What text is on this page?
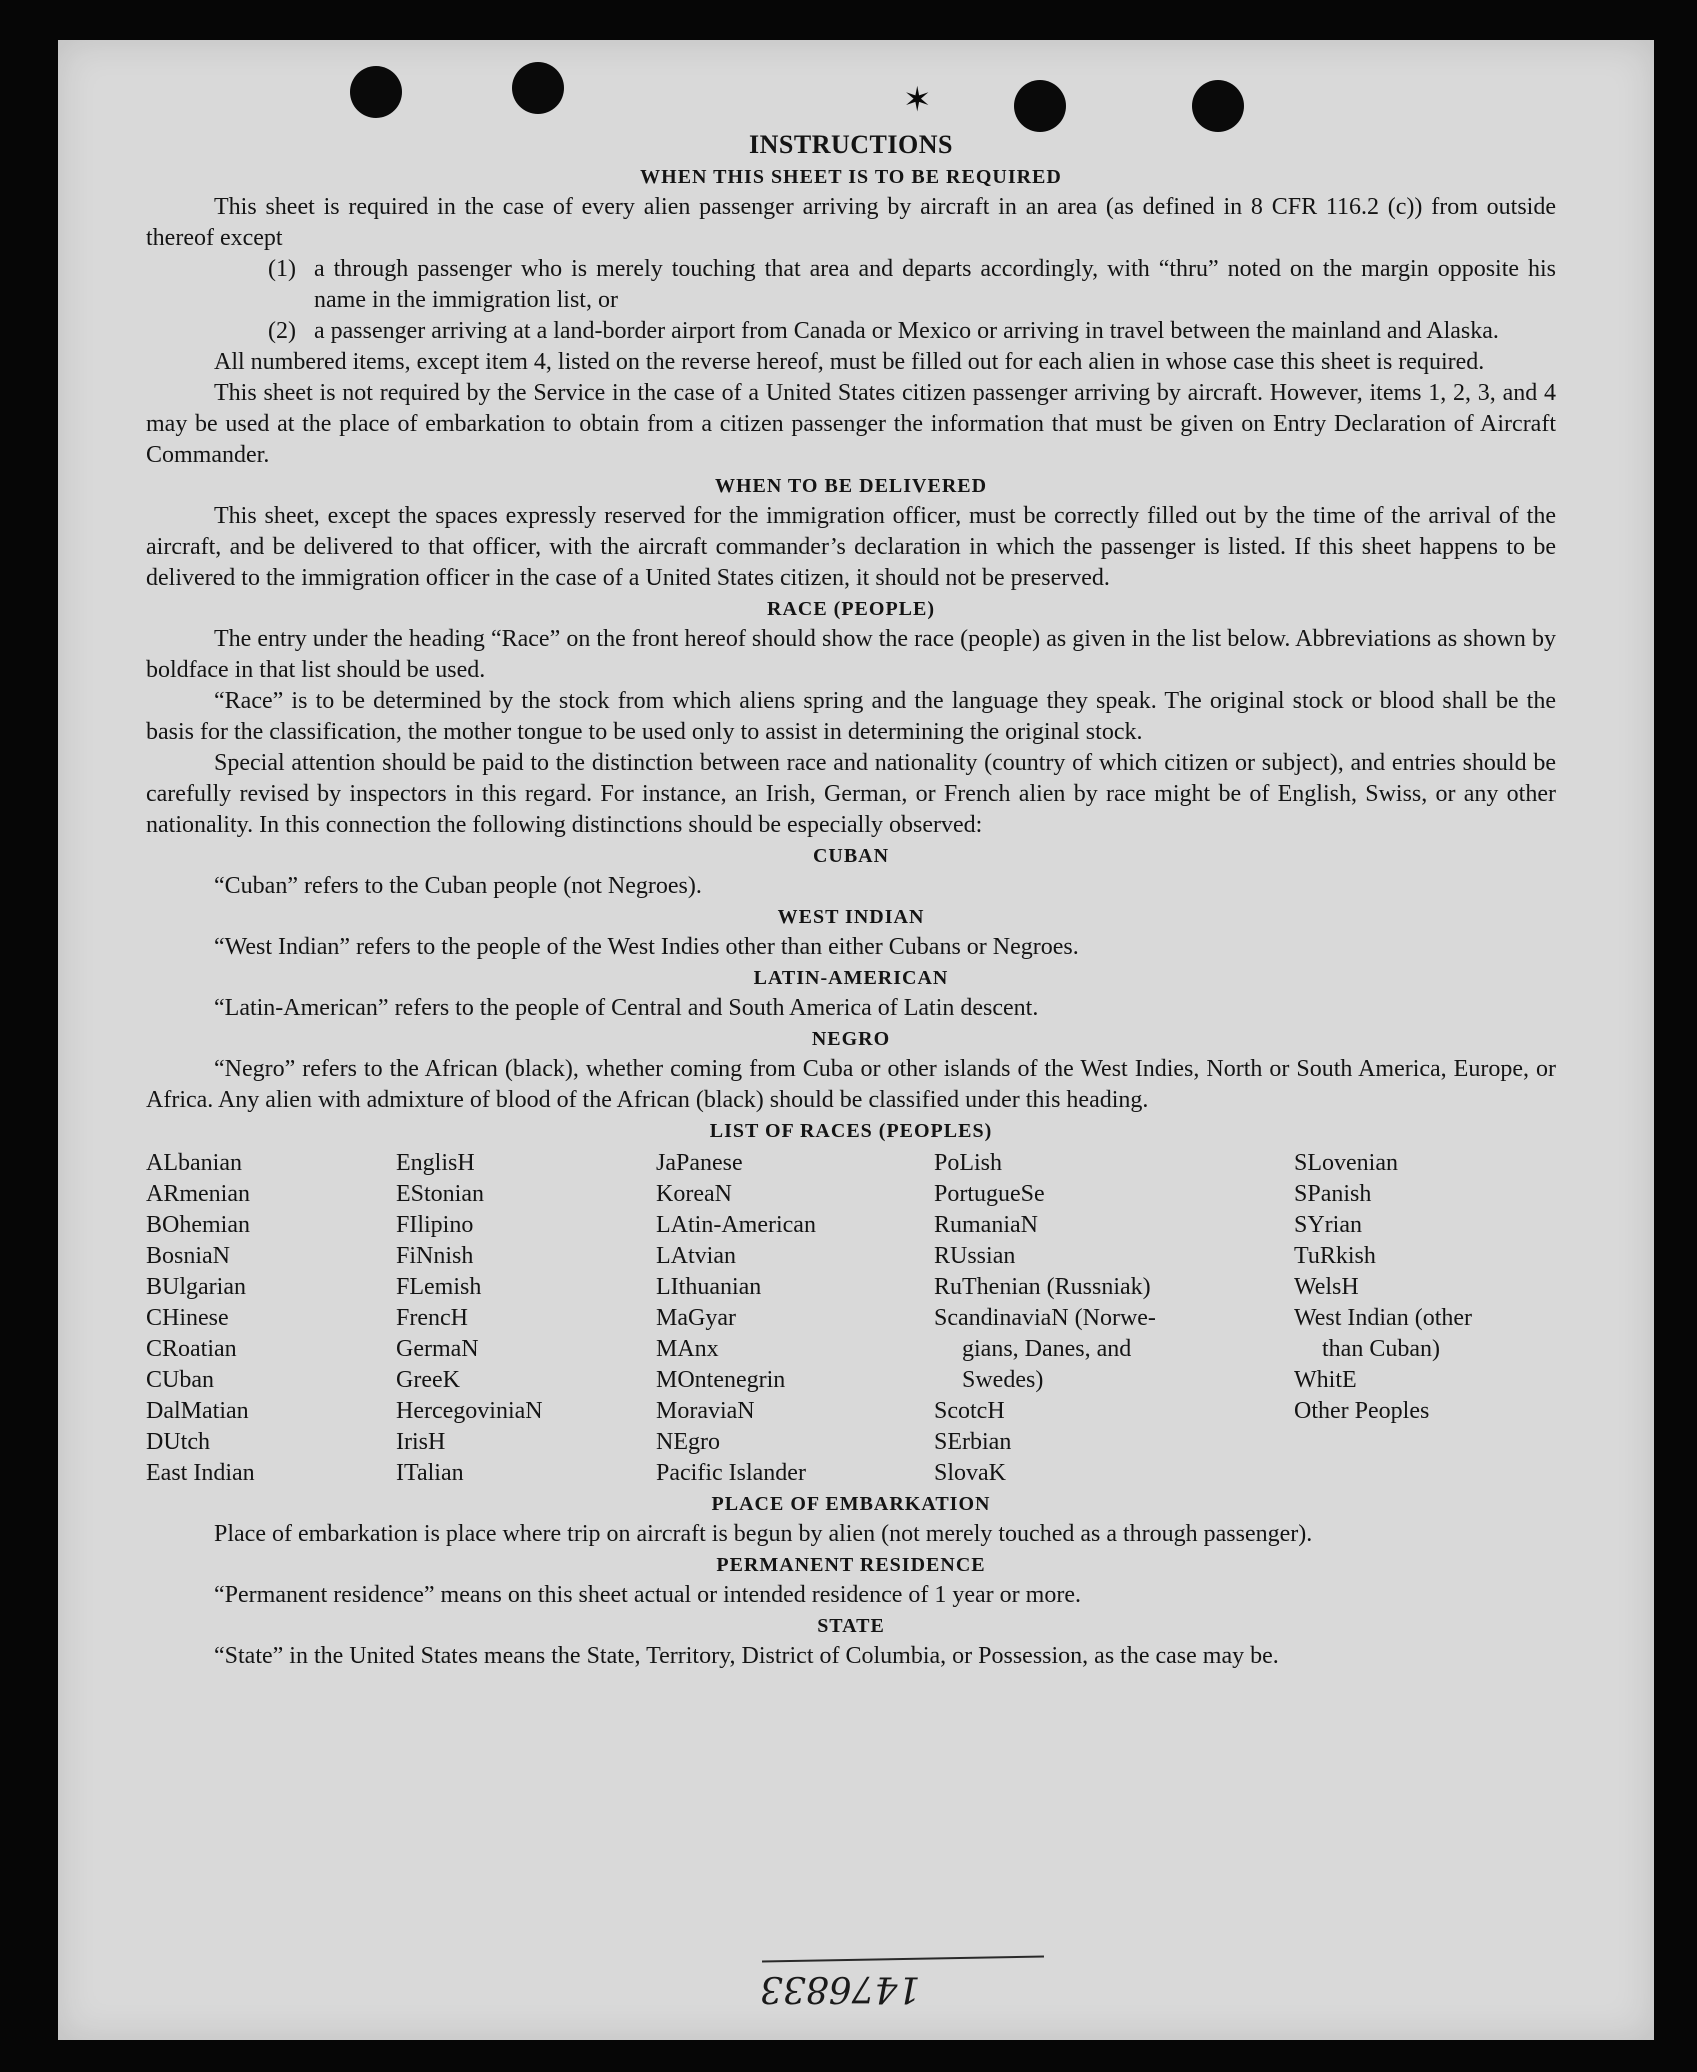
✶
INSTRUCTIONS
WHEN THIS SHEET IS TO BE REQUIRED

This sheet is required in the case of every alien passenger arriving by aircraft in an area (as defined in 8 CFR 116.2 (c)) from outside thereof except

(1) a through passenger who is merely touching that area and departs accordingly, with “thru” noted on the margin opposite his name in the immigration list, or
(2) a passenger arriving at a land-border airport from Canada or Mexico or arriving in travel between the mainland and Alaska.

All numbered items, except item 4, listed on the reverse hereof, must be filled out for each alien in whose case this sheet is required.

This sheet is not required by the Service in the case of a United States citizen passenger arriving by aircraft. However, items 1, 2, 3, and 4 may be used at the place of embarkation to obtain from a citizen passenger the information that must be given on Entry Declaration of Aircraft Commander.

WHEN TO BE DELIVERED

This sheet, except the spaces expressly reserved for the immigration officer, must be correctly filled out by the time of the arrival of the aircraft, and be delivered to that officer, with the aircraft commander’s declaration in which the passenger is listed. If this sheet happens to be delivered to the immigration officer in the case of a United States citizen, it should not be preserved.

RACE (PEOPLE)

The entry under the heading “Race” on the front hereof should show the race (people) as given in the list below. Abbreviations as shown by boldface in that list should be used.

“Race” is to be determined by the stock from which aliens spring and the language they speak. The original stock or blood shall be the basis for the classification, the mother tongue to be used only to assist in determining the original stock.

Special attention should be paid to the distinction between race and nationality (country of which citizen or subject), and entries should be carefully revised by inspectors in this regard. For instance, an Irish, German, or French alien by race might be of English, Swiss, or any other nationality. In this connection the following distinctions should be especially observed:

CUBAN

“Cuban” refers to the Cuban people (not Negroes).

WEST INDIAN

“West Indian” refers to the people of the West Indies other than either Cubans or Negroes.

LATIN-AMERICAN

“Latin-American” refers to the people of Central and South America of Latin descent.

NEGRO

“Negro” refers to the African (black), whether coming from Cuba or other islands of the West Indies, North or South America, Europe, or Africa. Any alien with admixture of blood of the African (black) should be classified under this heading.

LIST OF RACES (PEOPLES)
ALbanian
ARmenian
BOhemian
BosniaN
BUlgarian
CHinese
CRoatian
CUban
DalMatian
DUtch
East Indian
EnglisH
EStonian
FIlipino
FiNnish
FLemish
FrencH
GermaN
GreeK
HercegoviniaN
IrisH
ITalian
JaPanese
KoreaN
LAtin-American
LAtvian
LIthuanian
MaGyar
MAnx
MOntenegrin
MoraviaN
NEgro
Pacific Islander
PoLish
PortugueSe
RumaniaN
RUssian
RuThenian (Russniak)
ScandinaviaN (Norwe-
gians, Danes, and
Swedes)
ScotcH
SErbian
SlovaK
SLovenian
SPanish
SYrian
TuRkish
WelsH
West Indian (other
than Cuban)
WhitE
Other Peoples
PLACE OF EMBARKATION

Place of embarkation is place where trip on aircraft is begun by alien (not merely touched as a through passenger).

PERMANENT RESIDENCE

“Permanent residence” means on this sheet actual or intended residence of 1 year or more.

STATE

“State” in the United States means the State, Territory, District of Columbia, or Possession, as the case may be.

1476833
